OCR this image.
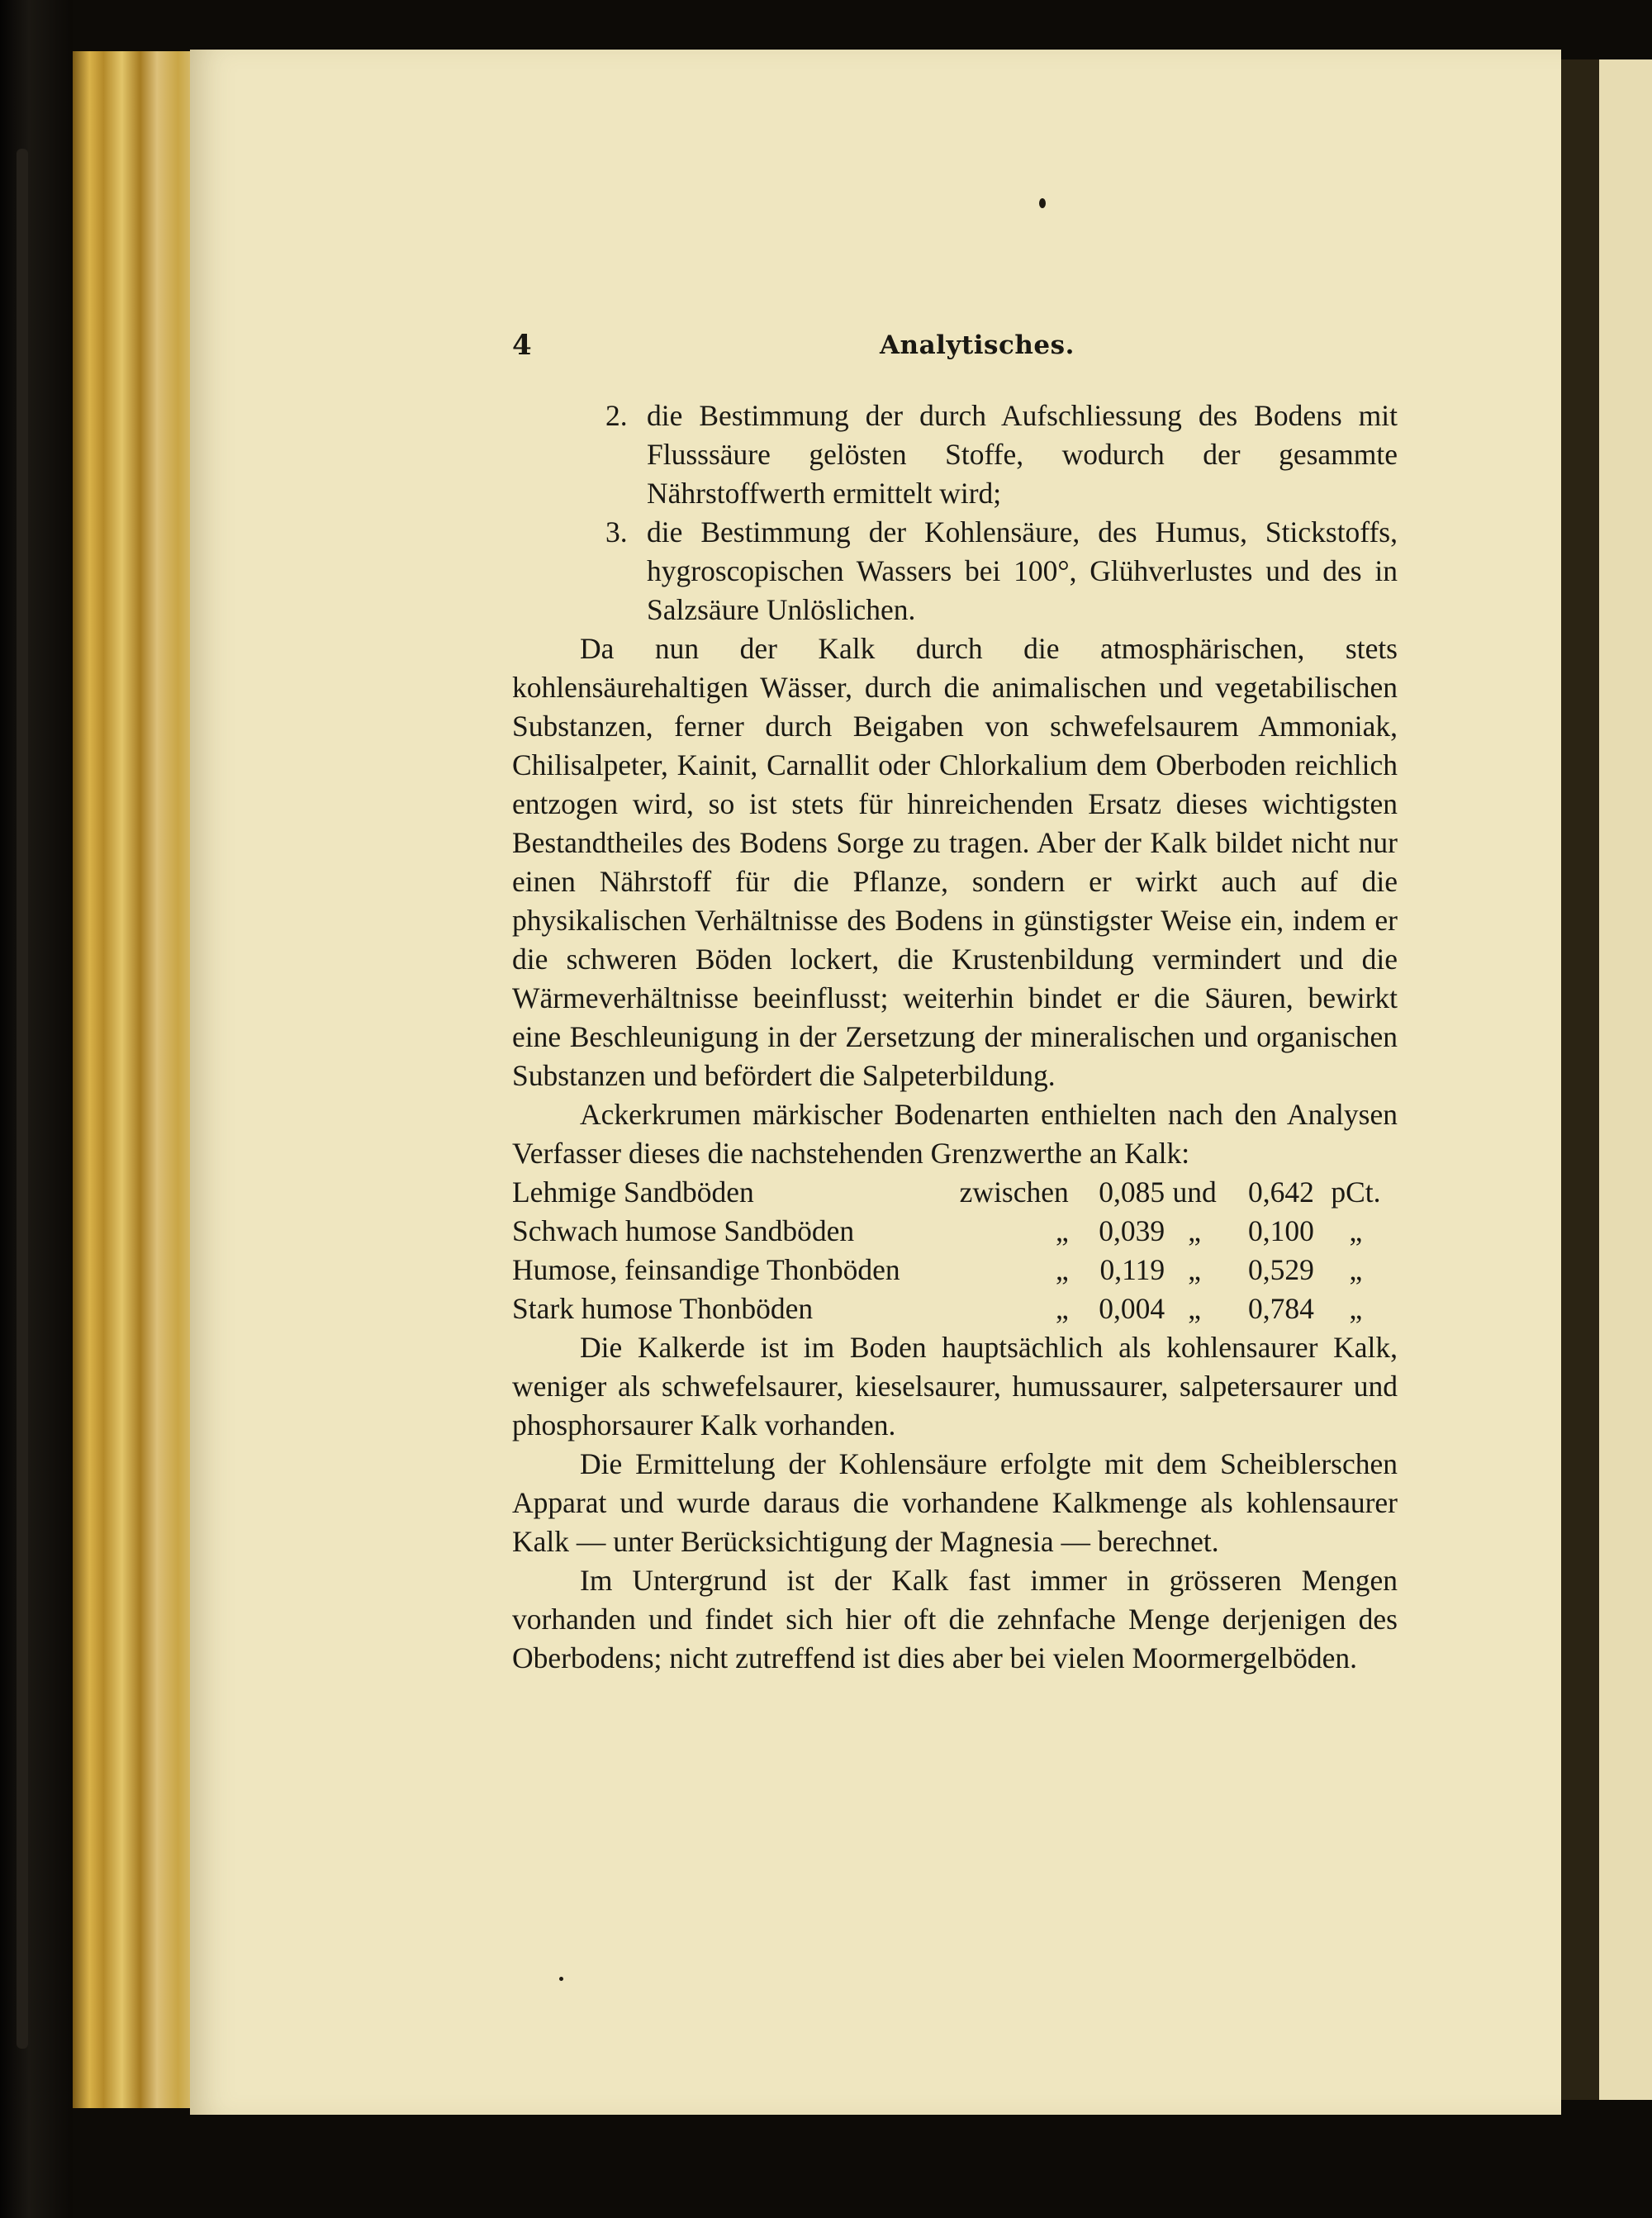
4	Analytisches.
2. die Bestimmung der durch Aufschliessung des Bodens mit Flusssäure gelösten Stoffe, wodurch der gesammte Nährstoffwerth ermittelt wird;
3. die Bestimmung der Kohlensäure, des Humus, Stickstoffs, hygroscopischen Wassers bei 100°, Glühverlustes und des in Salzsäure Unlöslichen.

Da nun der Kalk durch die atmosphärischen, stets kohlensäurehaltigen Wässer, durch die animalischen und vegetabilischen Substanzen, ferner durch Beigaben von schwefelsaurem Ammoniak, Chilisalpeter, Kainit, Carnallit oder Chlorkalium dem Oberboden reichlich entzogen wird, so ist stets für hinreichenden Ersatz dieses wichtigsten Bestandtheiles des Bodens Sorge zu tragen. Aber der Kalk bildet nicht nur einen Nährstoff für die Pflanze, sondern er wirkt auch auf die physikalischen Verhältnisse des Bodens in günstigster Weise ein, indem er die schweren Böden lockert, die Krustenbildung vermindert und die Wärmeverhältnisse beeinflusst; weiterhin bindet er die Säuren, bewirkt eine Beschleunigung in der Zersetzung der mineralischen und organischen Substanzen und befördert die Salpeterbildung.

Ackerkrumen märkischer Bodenarten enthielten nach den Analysen Verfasser dieses die nachstehenden Grenzwerthe an Kalk:

Lehmige Sandböden	zwischen	0,085	und	0,642	pCt.
Schwach humose Sandböden	„	0,039	„	0,100	„
Humose, feinsandige Thonböden	„	0,119	„	0,529	„
Stark humose Thonböden	„	0,004	„	0,784	„

Die Kalkerde ist im Boden hauptsächlich als kohlensaurer Kalk, weniger als schwefelsaurer, kieselsaurer, humussaurer, salpetersaurer und phosphorsaurer Kalk vorhanden.

Die Ermittelung der Kohlensäure erfolgte mit dem Scheiblerschen Apparat und wurde daraus die vorhandene Kalkmenge als kohlensaurer Kalk — unter Berücksichtigung der Magnesia — berechnet.

Im Untergrund ist der Kalk fast immer in grösseren Mengen vorhanden und findet sich hier oft die zehnfache Menge derjenigen des Oberbodens; nicht zutreffend ist dies aber bei vielen Moormergelböden.
